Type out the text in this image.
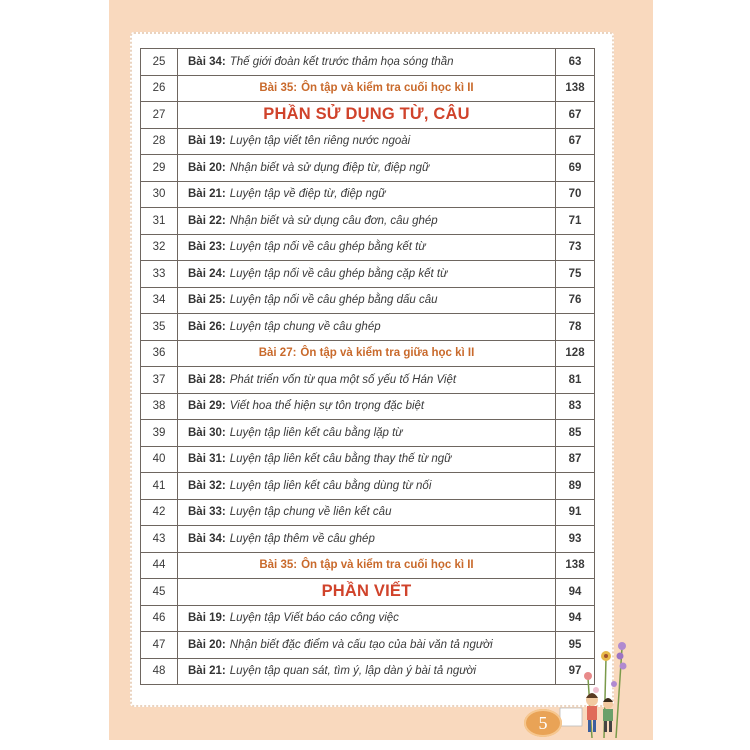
25	Bài 34: Thế giới đoàn kết trước thảm họa sóng thần	63
26	Bài 35: Ôn tập và kiểm tra cuối học kì II	138
27	PHẦN SỬ DỤNG TỪ, CÂU	67
28	Bài 19: Luyện tập viết tên riêng nước ngoài	67
29	Bài 20: Nhận biết và sử dụng điệp từ, điệp ngữ	69
30	Bài 21: Luyện tập về điệp từ, điệp ngữ	70
31	Bài 22: Nhận biết và sử dụng câu đơn, câu ghép	71
32	Bài 23: Luyện tập nối về câu ghép bằng kết từ	73
33	Bài 24: Luyện tập nối về câu ghép bằng cặp kết từ	75
34	Bài 25: Luyện tập nối về câu ghép bằng dấu câu	76
35	Bài 26: Luyện tập chung về câu ghép	78
36	Bài 27: Ôn tập và kiểm tra giữa học kì II	128
37	Bài 28: Phát triển vốn từ qua một số yếu tố Hán Việt	81
38	Bài 29: Viết hoa thể hiện sự tôn trọng đặc biệt	83
39	Bài 30: Luyện tập liên kết câu bằng lặp từ	85
40	Bài 31: Luyện tập liên kết câu bằng thay thế từ ngữ	87
41	Bài 32: Luyện tập liên kết câu bằng dùng từ nối	89
42	Bài 33: Luyện tập chung về liên kết câu	91
43	Bài 34: Luyện tập thêm về câu ghép	93
44	Bài 35: Ôn tập và kiểm tra cuối học kì II	138
45	PHẦN VIẾT	94
46	Bài 19: Luyện tập Viết báo cáo công việc	94
47	Bài 20: Nhận biết đặc điểm và cấu tạo của bài văn tả người	95
48	Bài 21: Luyện tập quan sát, tìm ý, lập dàn ý bài tả người	97
5
